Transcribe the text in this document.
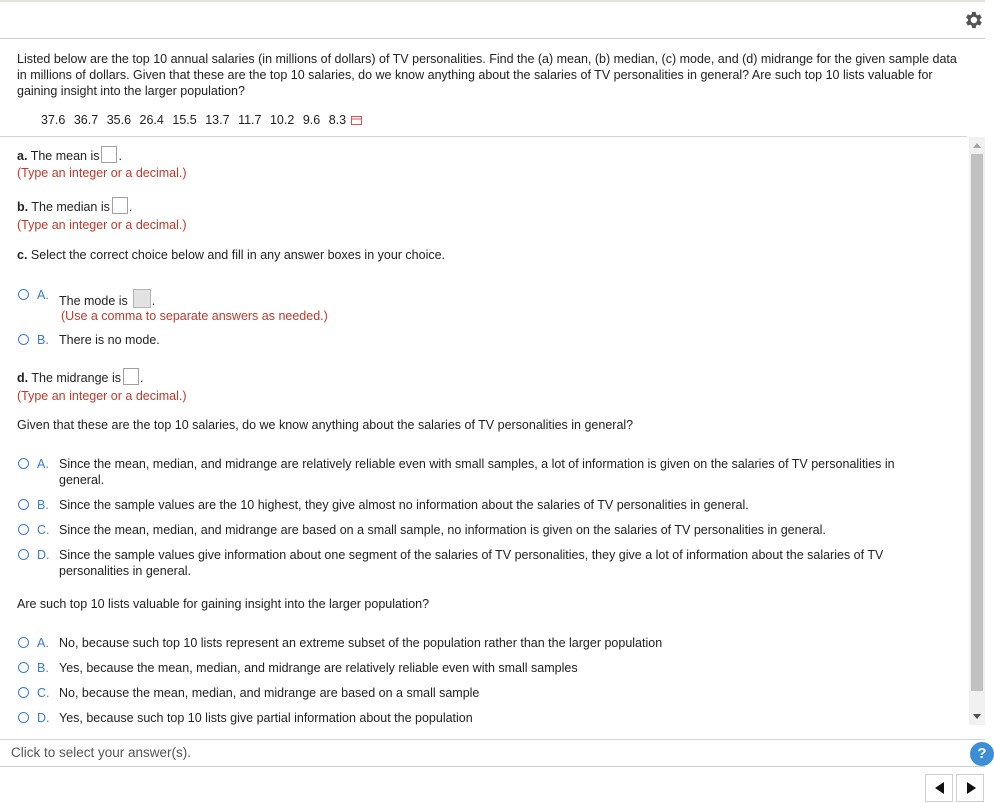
Listed below are the top 10 annual salaries (in millions of dollars) of TV personalities. Find the (a) mean, (b) median, (c) mode, and (d) midrange for the given sample data in millions of dollars. Given that these are the top 10 salaries, do we know anything about the salaries of TV personalities in general? Are such top 10 lists valuable for gaining insight into the larger population?
37.6 36.7 35.6 26.4 15.5 13.7 11.7 10.2 9.6 8.3
a. The mean is .
(Type an integer or a decimal.)
b. The median is .
(Type an integer or a decimal.)
c. Select the correct choice below and fill in any answer boxes in your choice.
A. The mode is .
(Use a comma to separate answers as needed.)
B. There is no mode.
d. The midrange is .
(Type an integer or a decimal.)
Given that these are the top 10 salaries, do we know anything about the salaries of TV personalities in general?
A. Since the mean, median, and midrange are relatively reliable even with small samples, a lot of information is given on the salaries of TV personalities in general.
B. Since the sample values are the 10 highest, they give almost no information about the salaries of TV personalities in general.
C. Since the mean, median, and midrange are based on a small sample, no information is given on the salaries of TV personalities in general.
D. Since the sample values give information about one segment of the salaries of TV personalities, they give a lot of information about the salaries of TV personalities in general.
Are such top 10 lists valuable for gaining insight into the larger population?
A. No, because such top 10 lists represent an extreme subset of the population rather than the larger population
B. Yes, because the mean, median, and midrange are relatively reliable even with small samples
C. No, because the mean, median, and midrange are based on a small sample
D. Yes, because such top 10 lists give partial information about the population
Click to select your answer(s).	?
